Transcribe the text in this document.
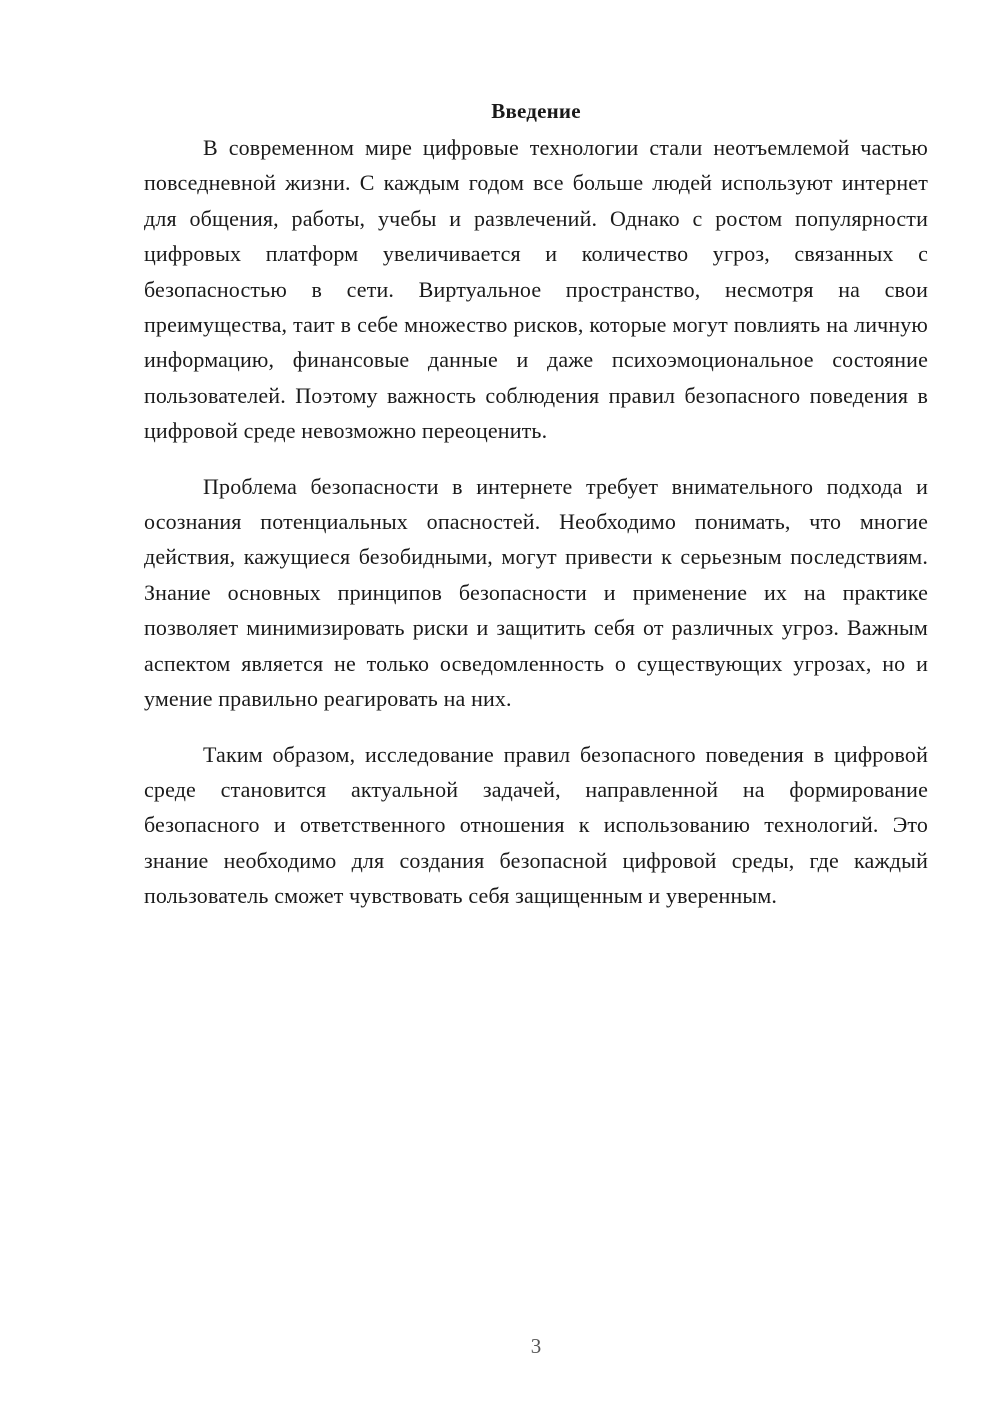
Введение

В современном мире цифровые технологии стали неотъемлемой частью повседневной жизни. С каждым годом все больше людей используют интернет для общения, работы, учебы и развлечений. Однако с ростом популярности цифровых платформ увеличивается и количество угроз, связанных с безопасностью в сети. Виртуальное пространство, несмотря на свои преимущества, таит в себе множество рисков, которые могут повлиять на личную информацию, финансовые данные и даже психоэмоциональное состояние пользователей. Поэтому важность соблюдения правил безопасного поведения в цифровой среде невозможно переоценить.

Проблема безопасности в интернете требует внимательного подхода и осознания потенциальных опасностей. Необходимо понимать, что многие действия, кажущиеся безобидными, могут привести к серьезным последствиям. Знание основных принципов безопасности и применение их на практике позволяет минимизировать риски и защитить себя от различных угроз. Важным аспектом является не только осведомленность о существующих угрозах, но и умение правильно реагировать на них.

Таким образом, исследование правил безопасного поведения в цифровой среде становится актуальной задачей, направленной на формирование безопасного и ответственного отношения к использованию технологий. Это знание необходимо для создания безопасной цифровой среды, где каждый пользователь сможет чувствовать себя защищенным и уверенным.

3
